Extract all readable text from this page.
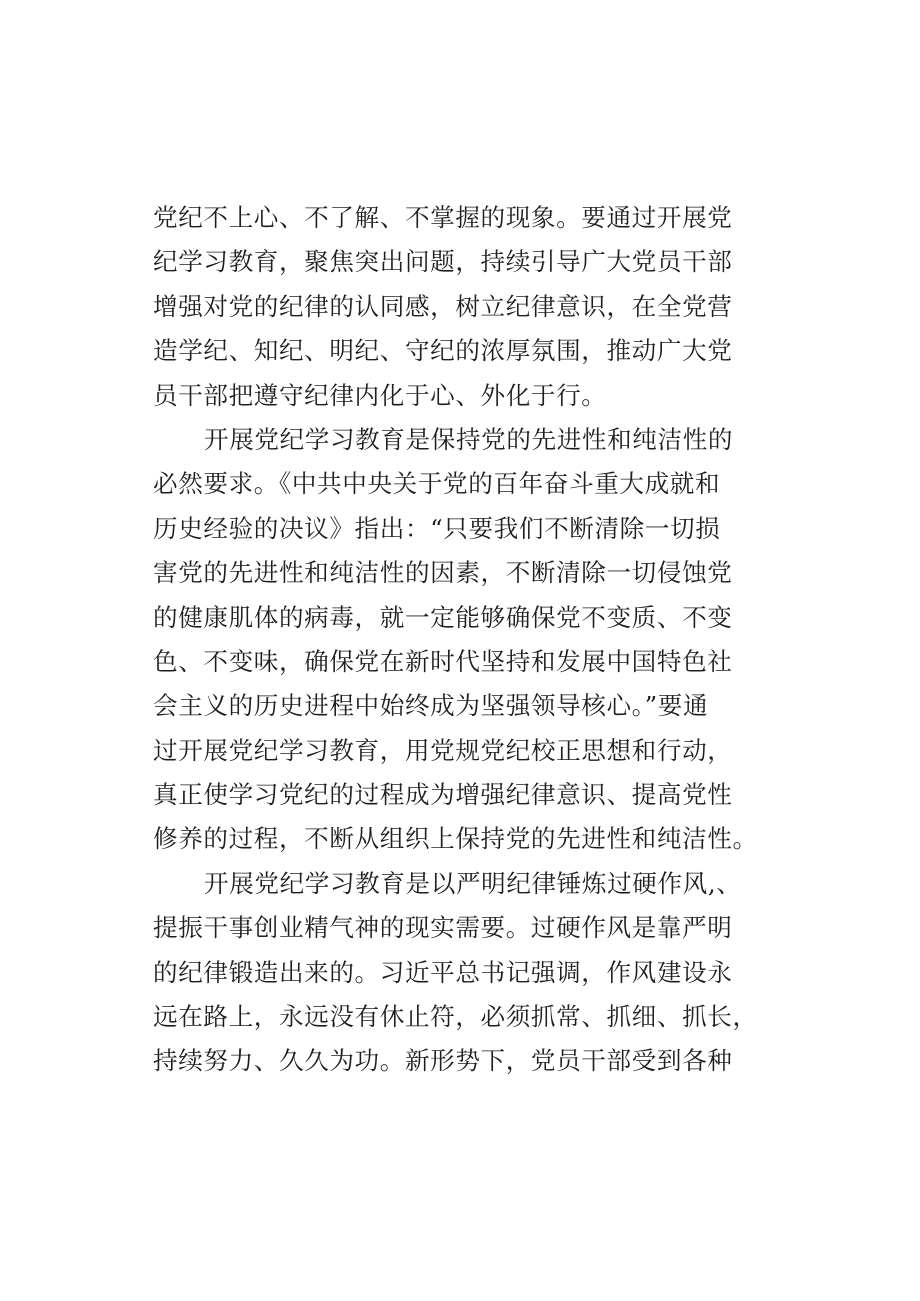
党纪不上心、不了解、不掌握的现象。要通过开展党
纪学习教育，聚焦突出问题，持续引导广大党员干部
增强对党的纪律的认同感，树立纪律意识，在全党营
造学纪、知纪、明纪、守纪的浓厚氛围，推动广大党
员干部把遵守纪律内化于心、外化于行。
开展党纪学习教育是保持党的先进性和纯洁性的
必然要求。《中共中央关于党的百年奋斗重大成就和
历史经验的决议》指出：“只要我们不断清除一切损
害党的先进性和纯洁性的因素，不断清除一切侵蚀党
的健康肌体的病毒，就一定能够确保党不变质、不变
色、不变味，确保党在新时代坚持和发展中国特色社
会主义的历史进程中始终成为坚强领导核心。”要通
过开展党纪学习教育，用党规党纪校正思想和行动，
真正使学习党纪的过程成为增强纪律意识、提高党性
修养的过程，不断从组织上保持党的先进性和纯洁性。
开展党纪学习教育是以严明纪律锤炼过硬作风,、
提振干事创业精气神的现实需要。过硬作风是靠严明
的纪律锻造出来的。习近平总书记强调，作风建设永
远在路上，永远没有休止符，必须抓常、抓细、抓长，
持续努力、久久为功。新形势下，党员干部受到各种
